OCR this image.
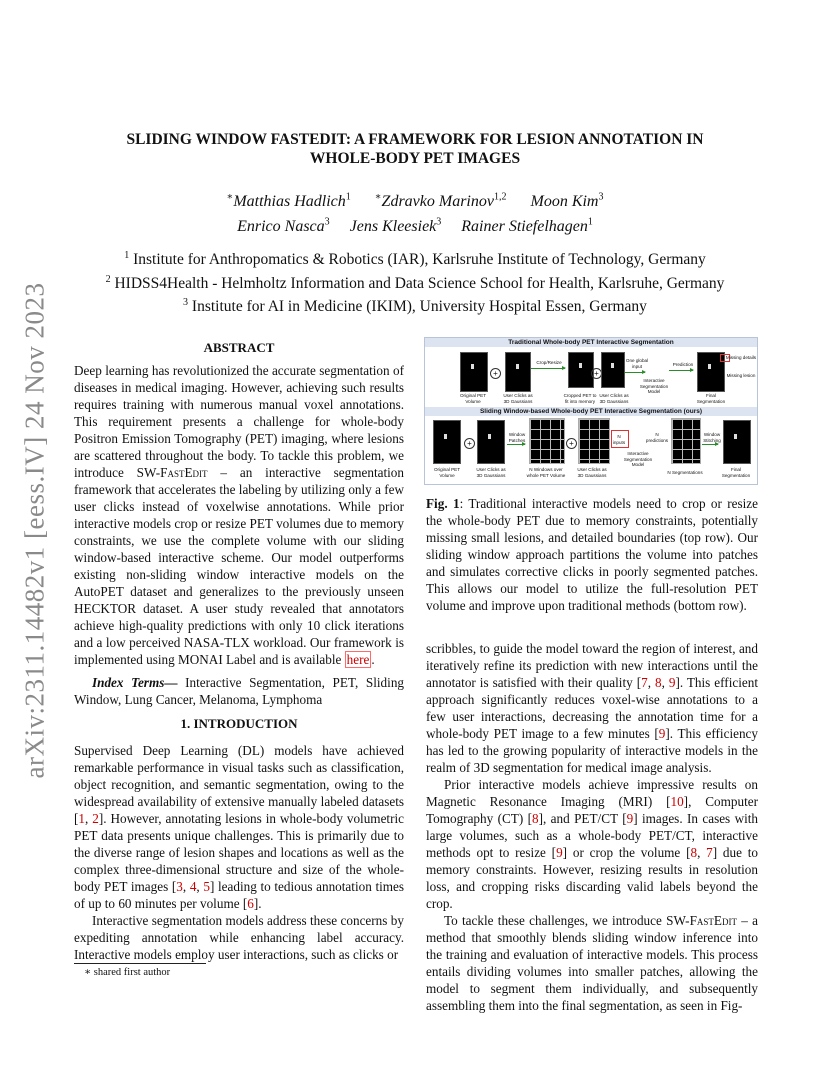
arXiv:2311.14482v1 [eess.IV] 24 Nov 2023
SLIDING WINDOW FASTEDIT: A FRAMEWORK FOR LESION ANNOTATION IN
WHOLE-BODY PET IMAGES
∗Matthias Hadlich$^1$ ∗Zdravko Marinov$^{1,2}$ Moon Kim$^3$
Enrico Nasca$^3$ Jens Kleesiek$^3$ Rainer Stiefelhagen$^1$
$^1$ Institute for Anthropomatics & Robotics (IAR), Karlsruhe Institute of Technology, Germany
$^2$ HIDSS4Health - Helmholtz Information and Data Science School for Health, Karlsruhe, Germany
$^3$ Institute for AI in Medicine (IKIM), University Hospital Essen, Germany
ABSTRACT

Deep learning has revolutionized the accurate segmentation of diseases in medical imaging. However, achieving such results requires training with numerous manual voxel annotations. This requirement presents a challenge for whole-body Positron Emission Tomography (PET) imaging, where lesions are scattered throughout the body. To tackle this problem, we introduce SW-FastEdit – an interactive segmentation framework that accelerates the labeling by utilizing only a few user clicks instead of voxelwise annotations. While prior interactive models crop or resize PET volumes due to memory constraints, we use the complete volume with our sliding window-based interactive scheme. Our model outperforms existing non-sliding window interactive models on the AutoPET dataset and generalizes to the previously unseen HECKTOR dataset. A user study revealed that annotators achieve high-quality predictions with only 10 click iterations and a low perceived NASA-TLX workload. Our framework is implemented using MONAI Label and is available here .

Index Terms— Interactive Segmentation, PET, Sliding Window, Lung Cancer, Melanoma, Lymphoma

1. INTRODUCTION

Supervised Deep Learning (DL) models have achieved remarkable performance in visual tasks such as classification, object recognition, and semantic segmentation, owing to the widespread availability of extensive manually labeled datasets [1, 2]. However, annotating lesions in whole-body volumetric PET data presents unique challenges. This is primarily due to the diverse range of lesion shapes and locations as well as the complex three-dimensional structure and size of the whole-body PET images [3, 4, 5] leading to tedious annotation times of up to 60 minutes per volume [6].

Interactive segmentation models address these concerns by expediting annotation while enhancing label accuracy. Interactive models employ user interactions, such as clicks or

∗ shared first author
Traditional Whole-body PET Interactive Segmentation
Sliding Window-based Whole-body PET Interactive Segmentation (ours)
Original PET
Volume
+
User Clicks as
3D Gaussians
Crop/Resize
Cropped PET to
fit into memory
+
User Clicks as
3D Gaussians
One global
input
Interactive
Segmentation
Model
Prediction
Missing details
Missing lesion
Final
Segmentation
Original PET
Volume
+
User Clicks as
3D Gaussians
Window
Patches
N Windows over
whole PET Volume
+
User Clicks as
3D Gaussians
N
inputs
Interactive
Segmentation
Model
N
predictions
N Segmentations
Window
Stitching
Final
Segmentation
Fig. 1: Traditional interactive models need to crop or resize the whole-body PET due to memory constraints, potentially missing small lesions, and detailed boundaries (top row). Our sliding window approach partitions the volume into patches and simulates corrective clicks in poorly segmented patches. This allows our model to utilize the full-resolution PET volume and improve upon traditional methods (bottom row).

scribbles, to guide the model toward the region of interest, and iteratively refine its prediction with new interactions until the annotator is satisfied with their quality [7, 8, 9]. This efficient approach significantly reduces voxel-wise annotations to a few user interactions, decreasing the annotation time for a whole-body PET image to a few minutes [9]. This efficiency has led to the growing popularity of interactive models in the realm of 3D segmentation for medical image analysis.

Prior interactive models achieve impressive results on Magnetic Resonance Imaging (MRI) [10], Computer Tomography (CT) [8], and PET/CT [9] images. In cases with large volumes, such as a whole-body PET/CT, interactive methods opt to resize [9] or crop the volume [8, 7] due to memory constraints. However, resizing results in resolution loss, and cropping risks discarding valid labels beyond the crop.

To tackle these challenges, we introduce SW-FastEdit – a method that smoothly blends sliding window inference into the training and evaluation of interactive models. This process entails dividing volumes into smaller patches, allowing the model to segment them individually, and subsequently assembling them into the final segmentation, as seen in Fig-
